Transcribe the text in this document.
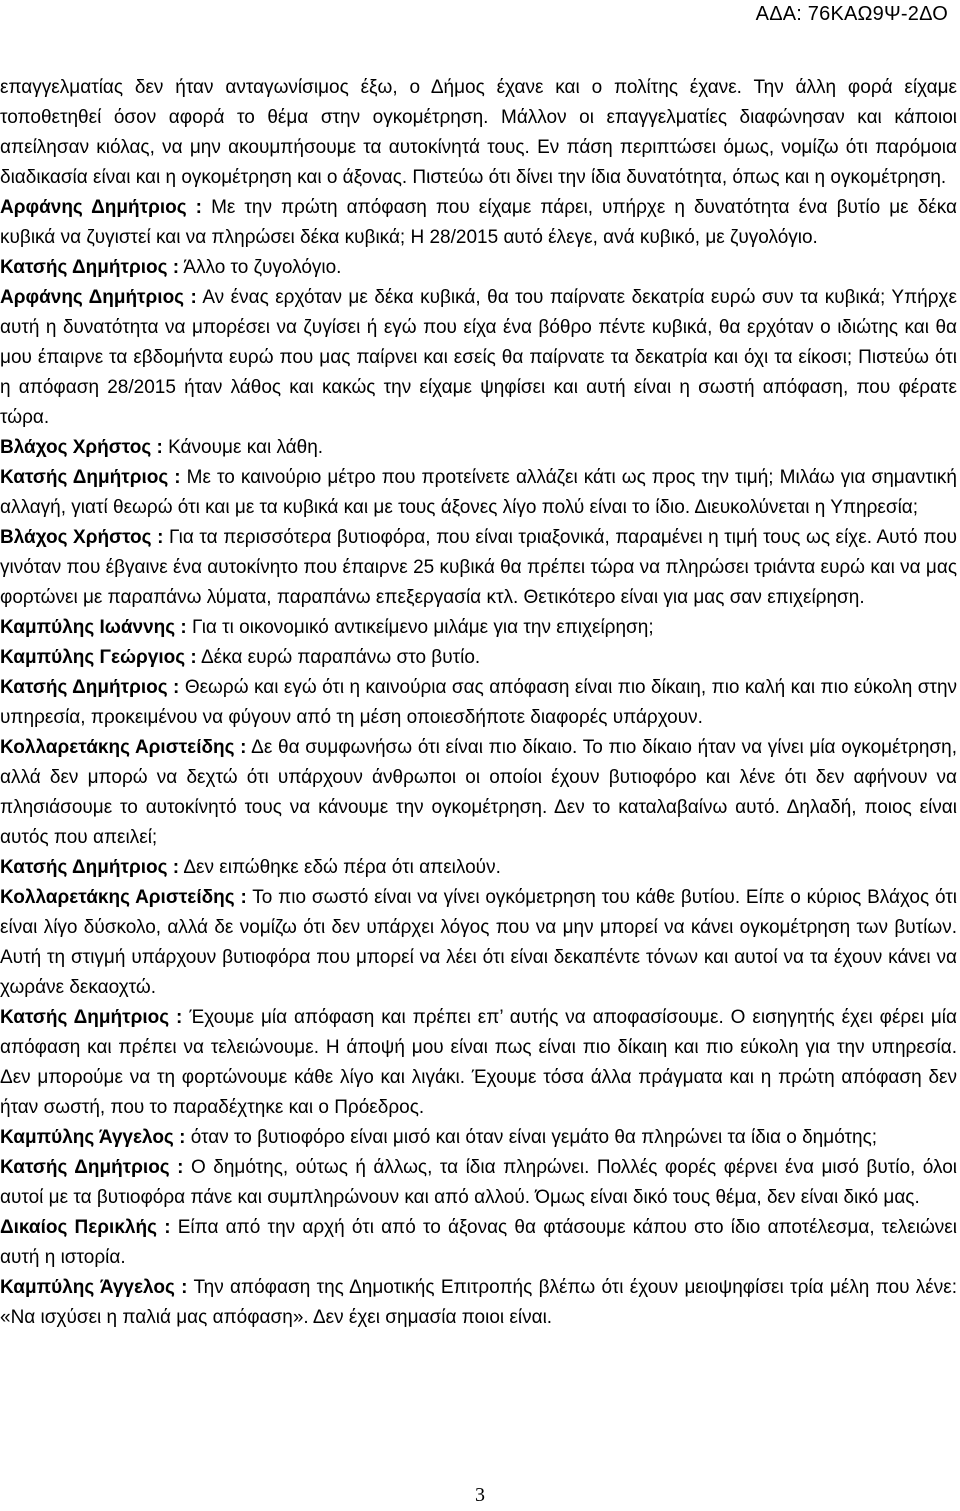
ΑΔΑ: 76ΚΑΩ9Ψ-2ΔΟ

επαγγελματίας δεν ήταν ανταγωνίσιμος έξω, ο Δήμος έχανε και ο πολίτης έχανε. Την άλλη φορά είχαμε τοποθετηθεί όσον αφορά το θέμα στην ογκομέτρηση. Μάλλον οι επαγγελματίες διαφώνησαν και κάποιοι απείλησαν κιόλας, να μην ακουμπήσουμε τα αυτοκίνητά τους. Εν πάση περιπτώσει όμως, νομίζω ότι παρόμοια διαδικασία είναι και η ογκομέτρηση και ο άξονας. Πιστεύω ότι δίνει την ίδια δυνατότητα, όπως και η ογκομέτρηση.

Αρφάνης Δημήτριος : Με την πρώτη απόφαση που είχαμε πάρει, υπήρχε η δυνατότητα ένα βυτίο με δέκα κυβικά να ζυγιστεί και να πληρώσει δέκα κυβικά; Η 28/2015 αυτό έλεγε, ανά κυβικό, με ζυγολόγιο.

Κατσής Δημήτριος : Άλλο το ζυγολόγιο.

Αρφάνης Δημήτριος : Αν ένας ερχόταν με δέκα κυβικά, θα του παίρνατε δεκατρία ευρώ συν τα κυβικά; Υπήρχε αυτή η δυνατότητα να μπορέσει να ζυγίσει ή εγώ που είχα ένα βόθρο πέντε κυβικά, θα ερχόταν ο ιδιώτης και θα μου έπαιρνε τα εβδομήντα ευρώ που μας παίρνει και εσείς θα παίρνατε τα δεκατρία και όχι τα είκοσι; Πιστεύω ότι η απόφαση 28/2015 ήταν λάθος και κακώς την είχαμε ψηφίσει και αυτή είναι η σωστή απόφαση, που φέρατε τώρα.

Βλάχος Χρήστος : Κάνουμε και λάθη.

Κατσής Δημήτριος : Με το καινούριο μέτρο που προτείνετε αλλάζει κάτι ως προς την τιμή; Μιλάω για σημαντική αλλαγή, γιατί θεωρώ ότι και με τα κυβικά και με τους άξονες λίγο πολύ είναι το ίδιο. Διευκολύνεται η Υπηρεσία;

Βλάχος Χρήστος : Για τα περισσότερα βυτιοφόρα, που είναι τριαξονικά, παραμένει η τιμή τους ως είχε. Αυτό που γινόταν που έβγαινε ένα αυτοκίνητο που έπαιρνε 25 κυβικά θα πρέπει τώρα να πληρώσει τριάντα ευρώ και να μας φορτώνει με παραπάνω λύματα, παραπάνω επεξεργασία κτλ. Θετικότερο είναι για μας σαν επιχείρηση.

Καμπύλης Ιωάννης : Για τι οικονομικό αντικείμενο μιλάμε για την επιχείρηση;

Καμπύλης Γεώργιος : Δέκα ευρώ παραπάνω στο βυτίο.

Κατσής Δημήτριος : Θεωρώ και εγώ ότι η καινούρια σας απόφαση είναι πιο δίκαιη, πιο καλή και πιο εύκολη στην υπηρεσία, προκειμένου να φύγουν από τη μέση οποιεσδήποτε διαφορές υπάρχουν.

Κολλαρετάκης Αριστείδης : Δε θα συμφωνήσω ότι είναι πιο δίκαιο. Το πιο δίκαιο ήταν να γίνει μία ογκομέτρηση, αλλά δεν μπορώ να δεχτώ ότι υπάρχουν άνθρωποι οι οποίοι έχουν βυτιοφόρο και λένε ότι δεν αφήνουν να πλησιάσουμε το αυτοκίνητό τους να κάνουμε την ογκομέτρηση. Δεν το καταλαβαίνω αυτό. Δηλαδή, ποιος είναι αυτός που απειλεί;

Κατσής Δημήτριος : Δεν ειπώθηκε εδώ πέρα ότι απειλούν.

Κολλαρετάκης Αριστείδης : Το πιο σωστό είναι να γίνει ογκόμετρηση του κάθε βυτίου. Είπε ο κύριος Βλάχος ότι είναι λίγο δύσκολο, αλλά δε νομίζω ότι δεν υπάρχει λόγος που να μην μπορεί να κάνει ογκομέτρηση των βυτίων. Αυτή τη στιγμή υπάρχουν βυτιοφόρα που μπορεί να λέει ότι είναι δεκαπέντε τόνων και αυτοί να τα έχουν κάνει να χωράνε δεκαοχτώ.

Κατσής Δημήτριος : Έχουμε μία απόφαση και πρέπει επ’ αυτής να αποφασίσουμε. Ο εισηγητής έχει φέρει μία απόφαση και πρέπει να τελειώνουμε. Η άποψή μου είναι πως είναι πιο δίκαιη και πιο εύκολη για την υπηρεσία. Δεν μπορούμε να τη φορτώνουμε κάθε λίγο και λιγάκι. Έχουμε τόσα άλλα πράγματα και η πρώτη απόφαση δεν ήταν σωστή, που το παραδέχτηκε και ο Πρόεδρος.

Καμπύλης Άγγελος : όταν το βυτιοφόρο είναι μισό και όταν είναι γεμάτο θα πληρώνει τα ίδια ο δημότης;

Κατσής Δημήτριος : Ο δημότης, ούτως ή άλλως, τα ίδια πληρώνει. Πολλές φορές φέρνει ένα μισό βυτίο, όλοι αυτοί με τα βυτιοφόρα πάνε και συμπληρώνουν και από αλλού. Όμως είναι δικό τους θέμα, δεν είναι δικό μας.

Δικαίος Περικλής : Είπα από την αρχή ότι από το άξονας θα φτάσουμε κάπου στο ίδιο αποτέλεσμα, τελειώνει αυτή η ιστορία.

Καμπύλης Άγγελος : Την απόφαση της Δημοτικής Επιτροπής βλέπω ότι έχουν μειοψηφίσει τρία μέλη που λένε: «Να ισχύσει η παλιά μας απόφαση». Δεν έχει σημασία ποιοι είναι.

3
